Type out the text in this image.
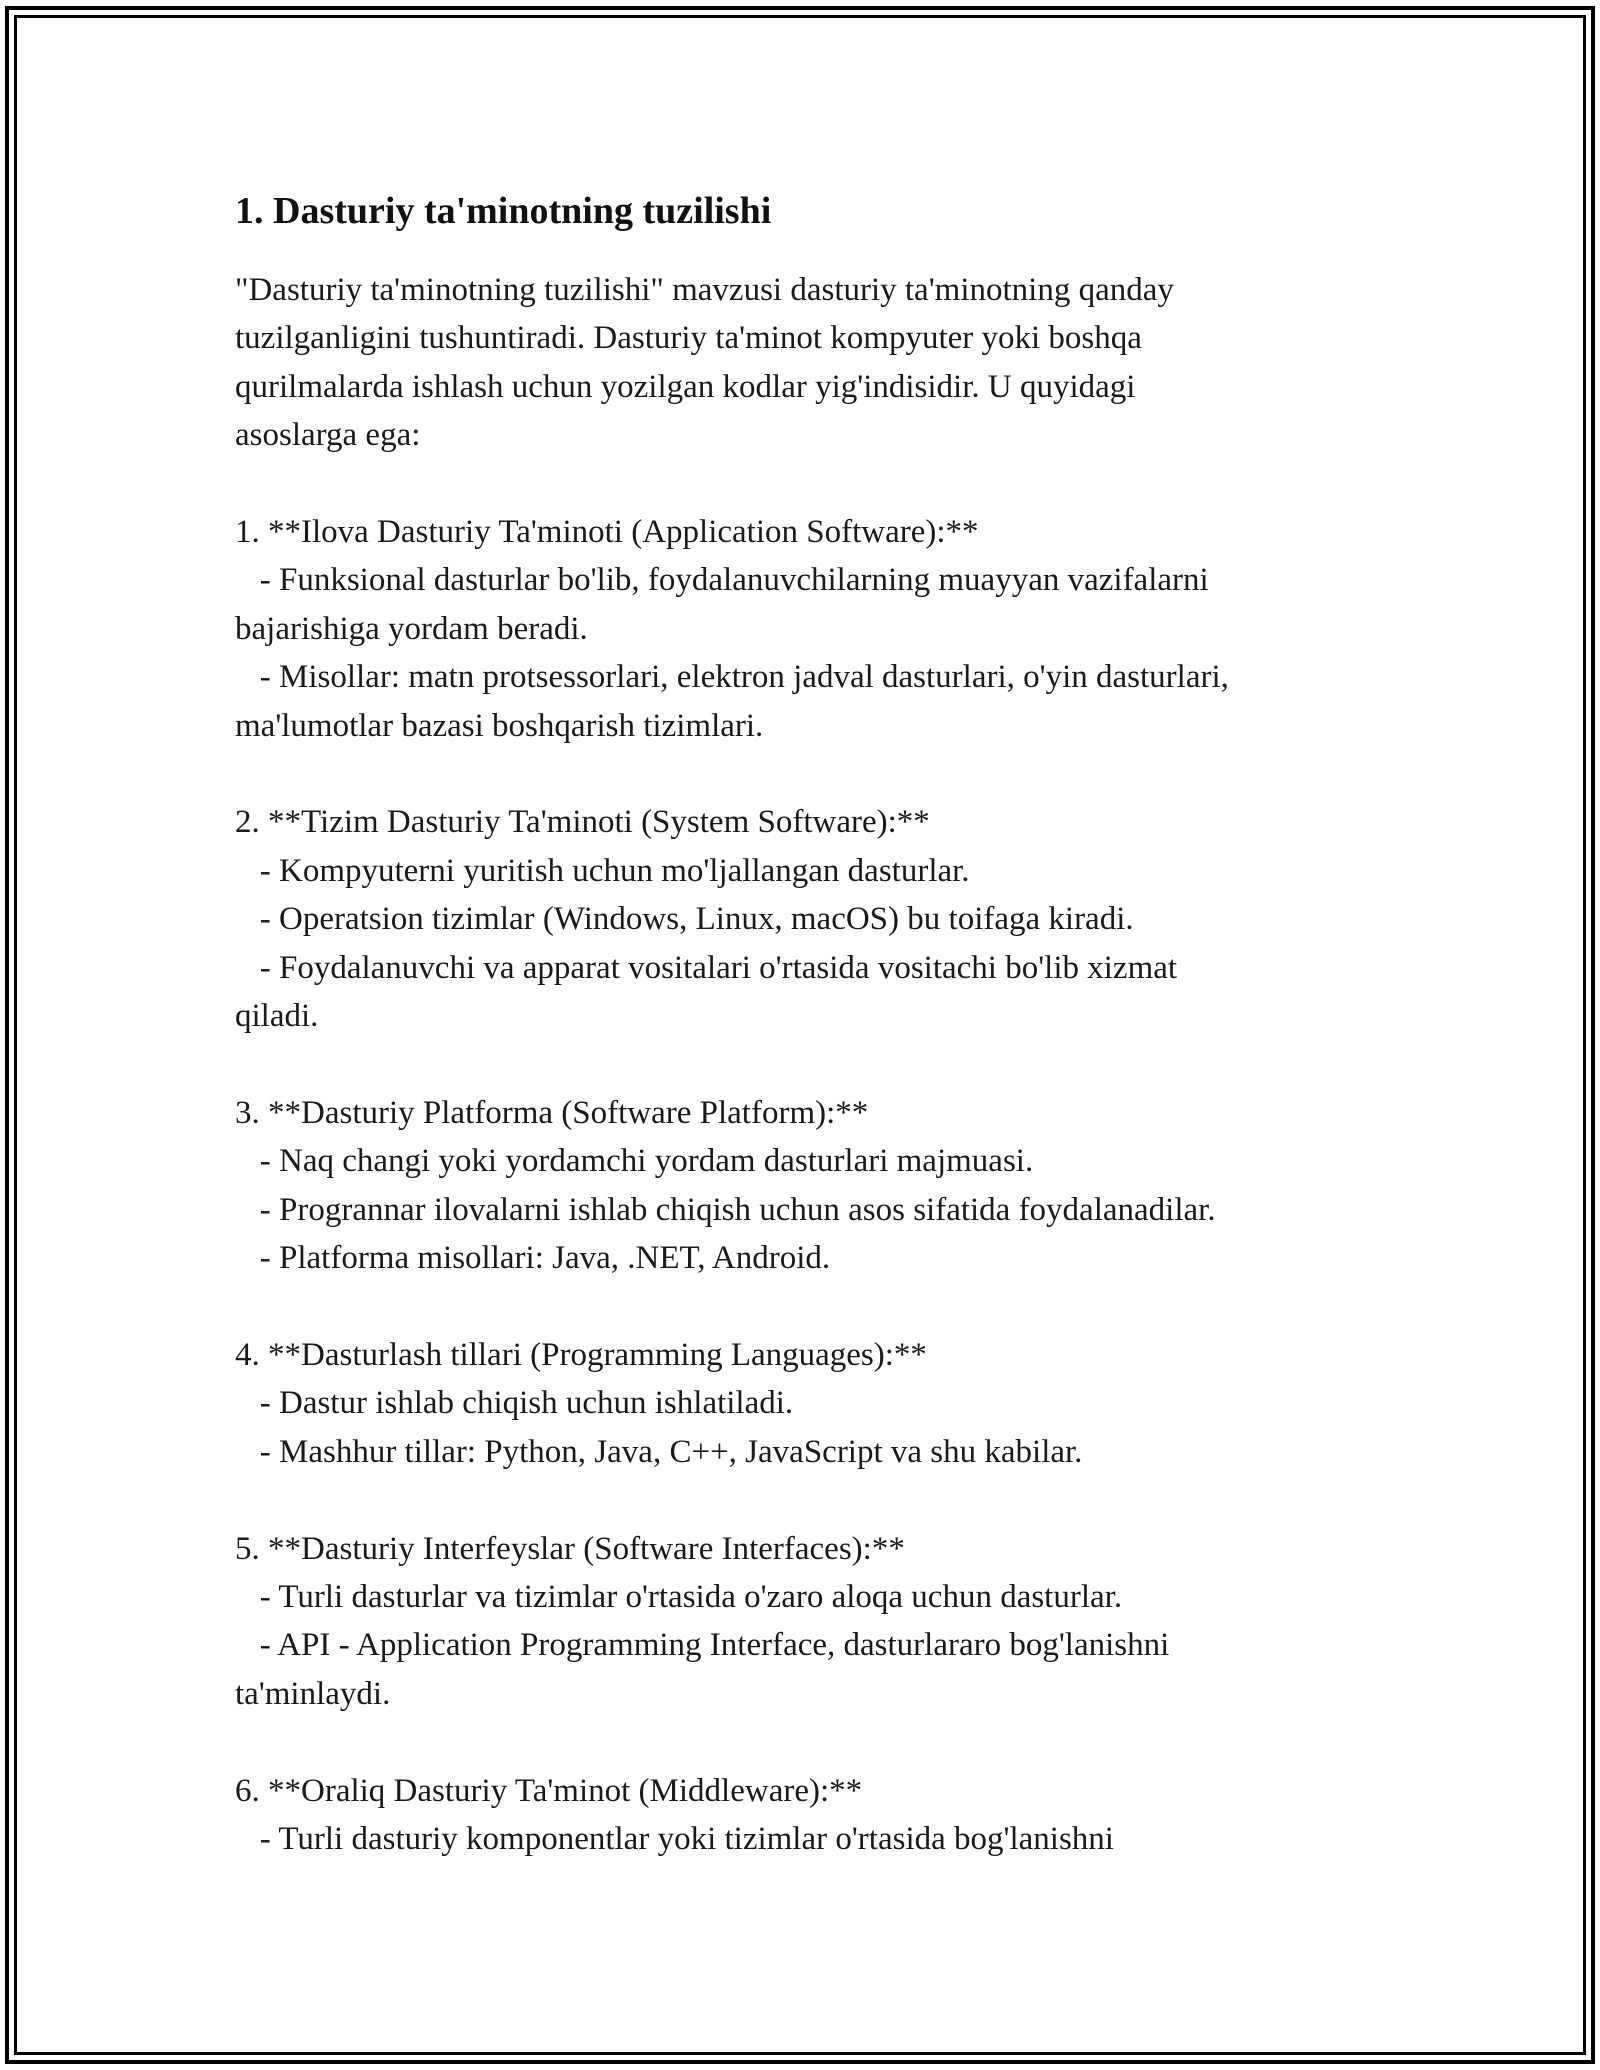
1. Dasturiy ta'minotning tuzilishi

"Dasturiy ta'minotning tuzilishi" mavzusi dasturiy ta'minotning qanday
tuzilganligini tushuntiradi. Dasturiy ta'minot kompyuter yoki boshqa
qurilmalarda ishlash uchun yozilgan kodlar yig'indisidir. U quyidagi
asoslarga ega:

1. **Ilova Dasturiy Ta'minoti (Application Software):**
- Funksional dasturlar bo'lib, foydalanuvchilarning muayyan vazifalarni
bajarishiga yordam beradi.
- Misollar: matn protsessorlari, elektron jadval dasturlari, o'yin dasturlari,
ma'lumotlar bazasi boshqarish tizimlari.

2. **Tizim Dasturiy Ta'minoti (System Software):**
- Kompyuterni yuritish uchun mo'ljallangan dasturlar.
- Operatsion tizimlar (Windows, Linux, macOS) bu toifaga kiradi.
- Foydalanuvchi va apparat vositalari o'rtasida vositachi bo'lib xizmat
qiladi.

3. **Dasturiy Platforma (Software Platform):**
- Naq changi yoki yordamchi yordam dasturlari majmuasi.
- Progrannar ilovalarni ishlab chiqish uchun asos sifatida foydalanadilar.
- Platforma misollari: Java, .NET, Android.

4. **Dasturlash tillari (Programming Languages):**
- Dastur ishlab chiqish uchun ishlatiladi.
- Mashhur tillar: Python, Java, C++, JavaScript va shu kabilar.

5. **Dasturiy Interfeyslar (Software Interfaces):**
- Turli dasturlar va tizimlar o'rtasida o'zaro aloqa uchun dasturlar.
- API - Application Programming Interface, dasturlararo bog'lanishni
ta'minlaydi.

6. **Oraliq Dasturiy Ta'minot (Middleware):**
- Turli dasturiy komponentlar yoki tizimlar o'rtasida bog'lanishni
